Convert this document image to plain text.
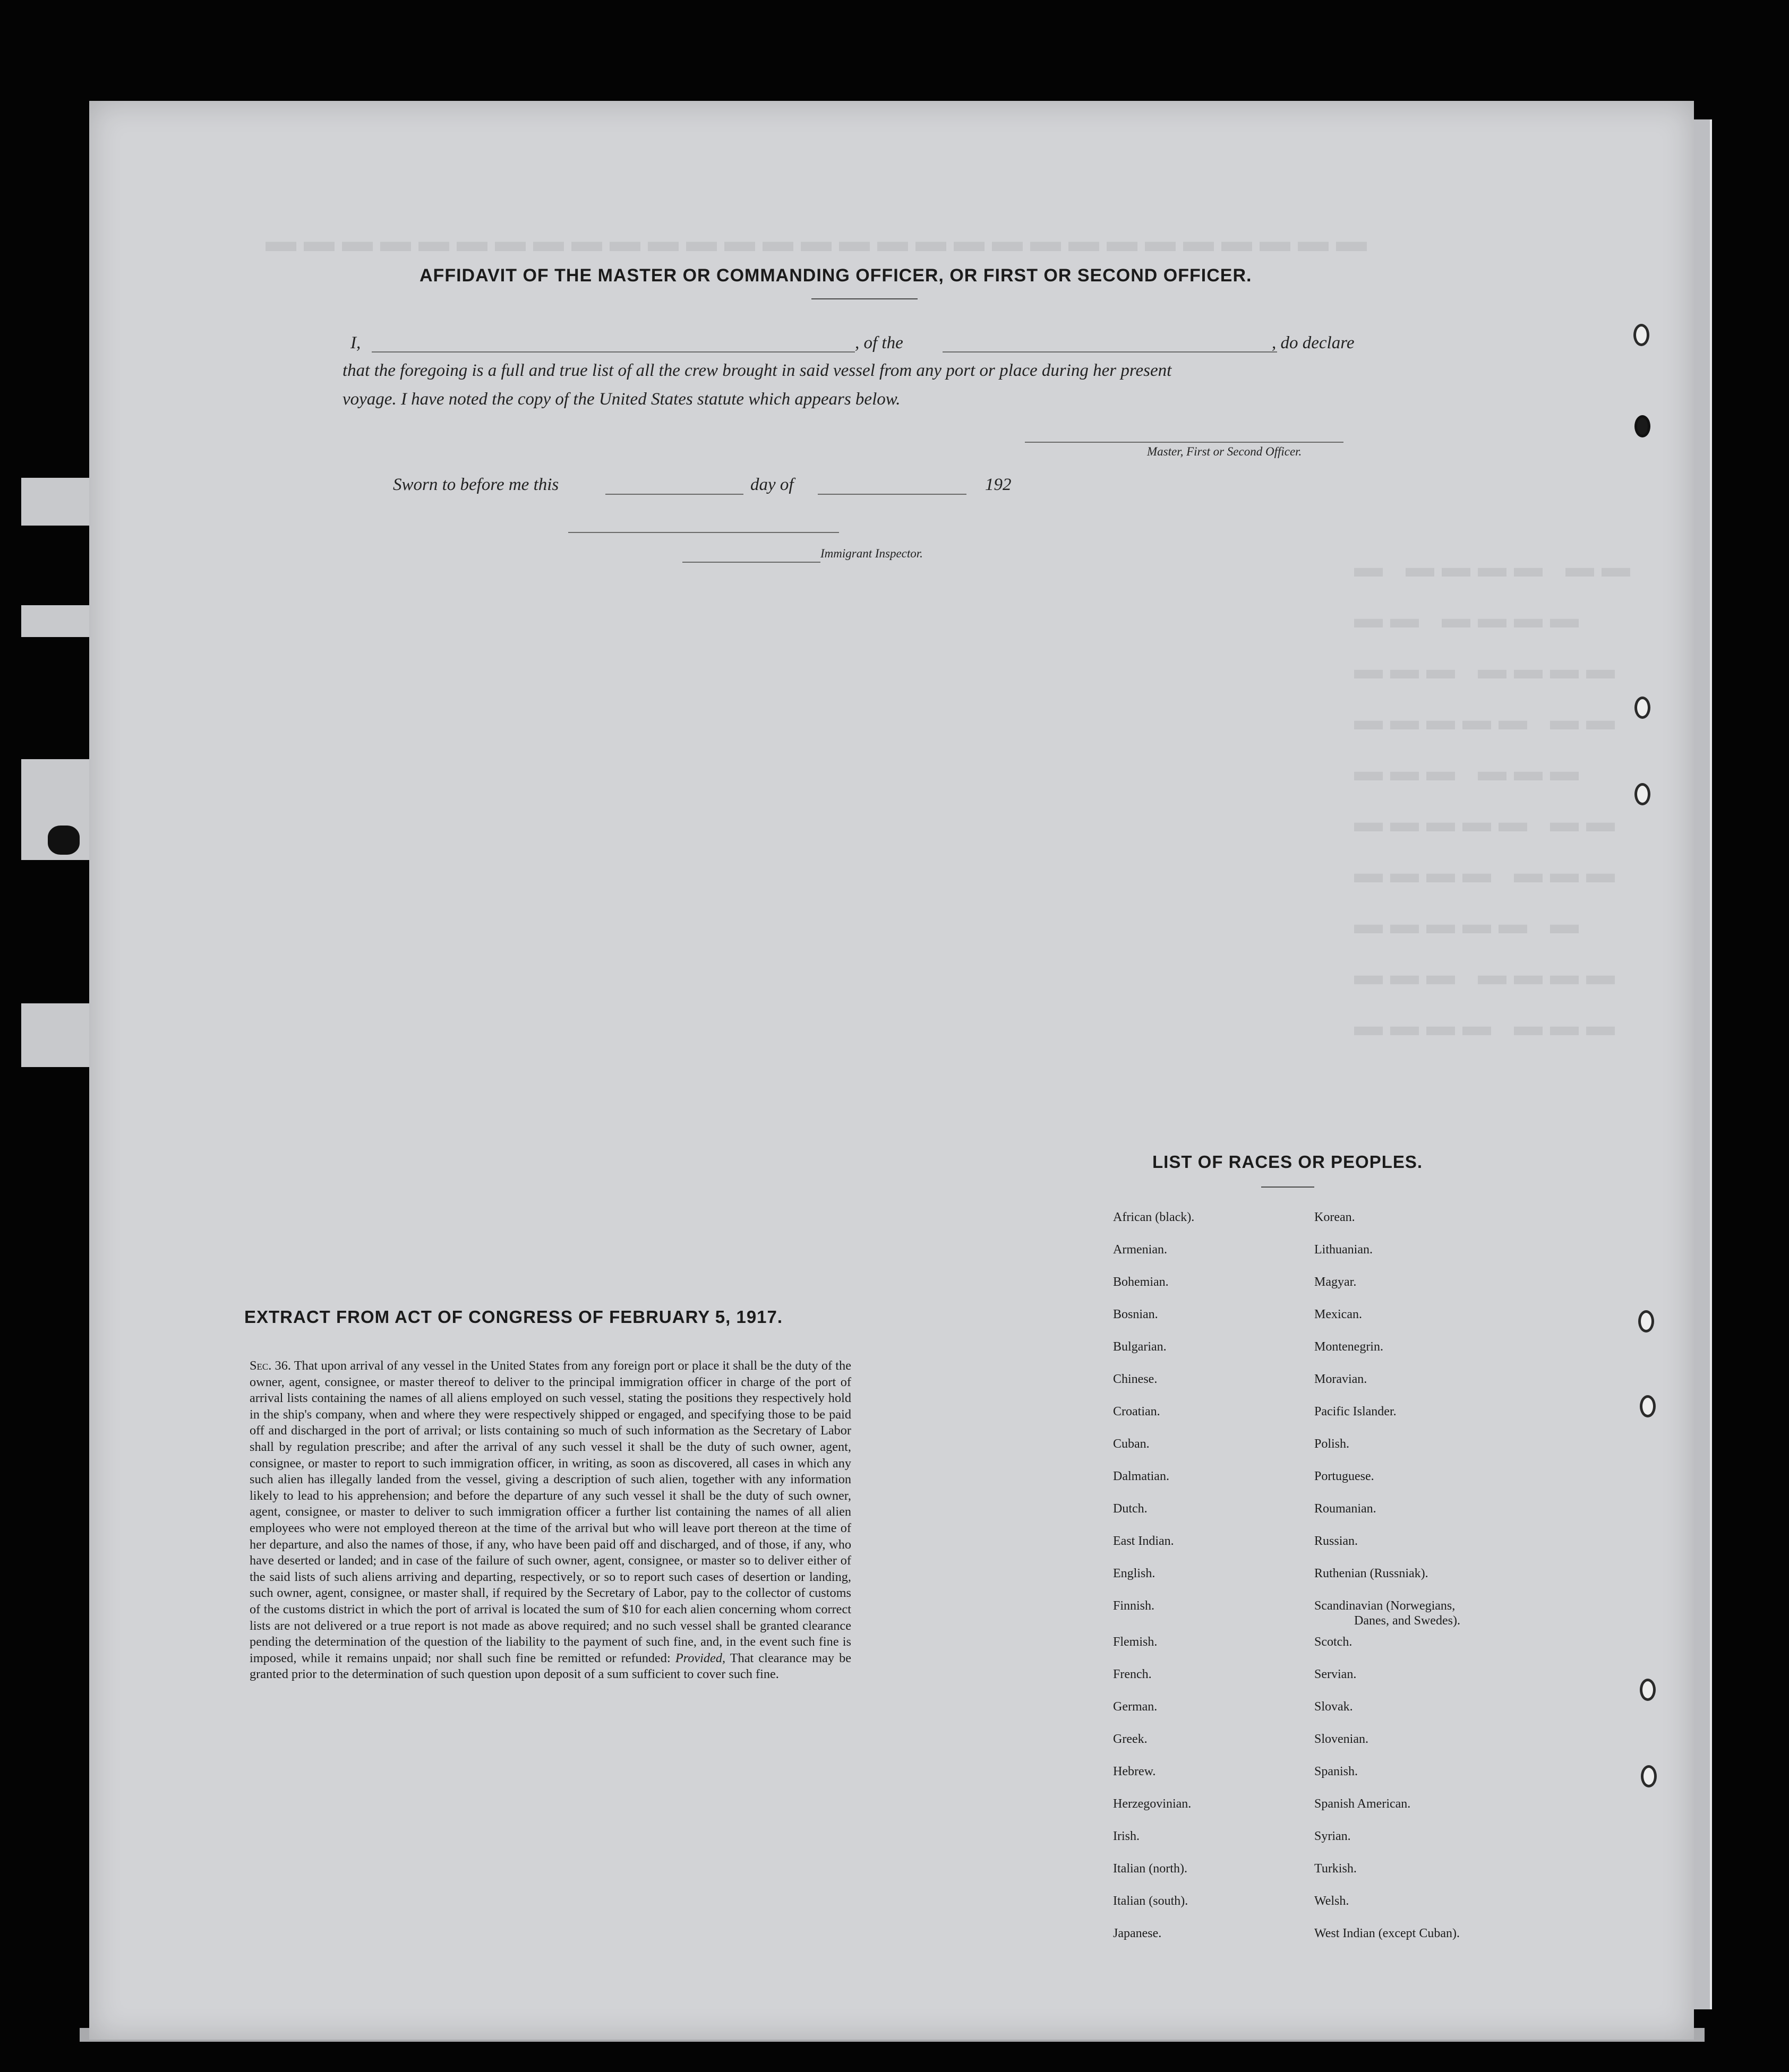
▬▬▬▬▬▬▬▬▬▬▬▬▬▬▬▬▬▬▬▬▬▬▬▬▬▬▬▬▬
▬ ▬▬▬▬ ▬▬
▬▬ ▬▬▬▬
▬▬▬ ▬▬▬▬
▬▬▬▬▬ ▬▬
▬▬▬ ▬▬▬
▬▬▬▬▬ ▬▬
▬▬▬▬ ▬▬▬
▬▬▬▬▬ ▬
▬▬▬ ▬▬▬▬
▬▬▬▬ ▬▬▬
AFFIDAVIT OF THE MASTER OR COMMANDING OFFICER, OR FIRST OR SECOND OFFICER.
I,	, of the	, do declare
that the foregoing is a full and true list of all the crew brought in said vessel from any port or place during her present
voyage. I have noted the copy of the United States statute which appears below.
Master, First or Second Officer.
Sworn to before me this	day of	192
Immigrant Inspector.
EXTRACT FROM ACT OF CONGRESS OF FEBRUARY 5, 1917.
Sec. 36. That upon arrival of any vessel in the United States from any foreign port or place it shall be the duty of the owner, agent, consignee, or master thereof to deliver to the principal immigration officer in charge of the port of arrival lists containing the names of all aliens employed on such vessel, stating the positions they respectively hold in the ship's company, when and where they were respectively shipped or engaged, and specifying those to be paid off and discharged in the port of arrival; or lists containing so much of such information as the Secretary of Labor shall by regulation prescribe; and after the arrival of any such vessel it shall be the duty of such owner, agent, consignee, or master to report to such immigration officer, in writing, as soon as discovered, all cases in which any such alien has illegally landed from the vessel, giving a description of such alien, together with any information likely to lead to his apprehension; and before the departure of any such vessel it shall be the duty of such owner, agent, consignee, or master to deliver to such immigration officer a further list containing the names of all alien employees who were not employed thereon at the time of the arrival but who will leave port thereon at the time of her departure, and also the names of those, if any, who have been paid off and discharged, and of those, if any, who have deserted or landed; and in case of the failure of such owner, agent, consignee, or master so to deliver either of the said lists of such aliens arriving and departing, respectively, or so to report such cases of desertion or landing, such owner, agent, consignee, or master shall, if required by the Secretary of Labor, pay to the collector of customs of the customs district in which the port of arrival is located the sum of $10 for each alien concerning whom correct lists are not delivered or a true report is not made as above required; and no such vessel shall be granted clearance pending the determination of the question of the liability to the payment of such fine, and, in the event such fine is imposed, while it remains unpaid; nor shall such fine be remitted or refunded: Provided, That clearance may be granted prior to the determination of such question upon deposit of a sum sufficient to cover such fine.
LIST OF RACES OR PEOPLES.
African (black).
Armenian.
Bohemian.
Bosnian.
Bulgarian.
Chinese.
Croatian.
Cuban.
Dalmatian.
Dutch.
East Indian.
English.
Finnish.
Flemish.
French.
German.
Greek.
Hebrew.
Herzegovinian.
Irish.
Italian (north).
Italian (south).
Japanese.
Korean.
Lithuanian.
Magyar.
Mexican.
Montenegrin.
Moravian.
Pacific Islander.
Polish.
Portuguese.
Roumanian.
Russian.
Ruthenian (Russniak).
Scandinavian (Norwegians,
Danes, and Swedes).
Scotch.
Servian.
Slovak.
Slovenian.
Spanish.
Spanish American.
Syrian.
Turkish.
Welsh.
West Indian (except Cuban).
